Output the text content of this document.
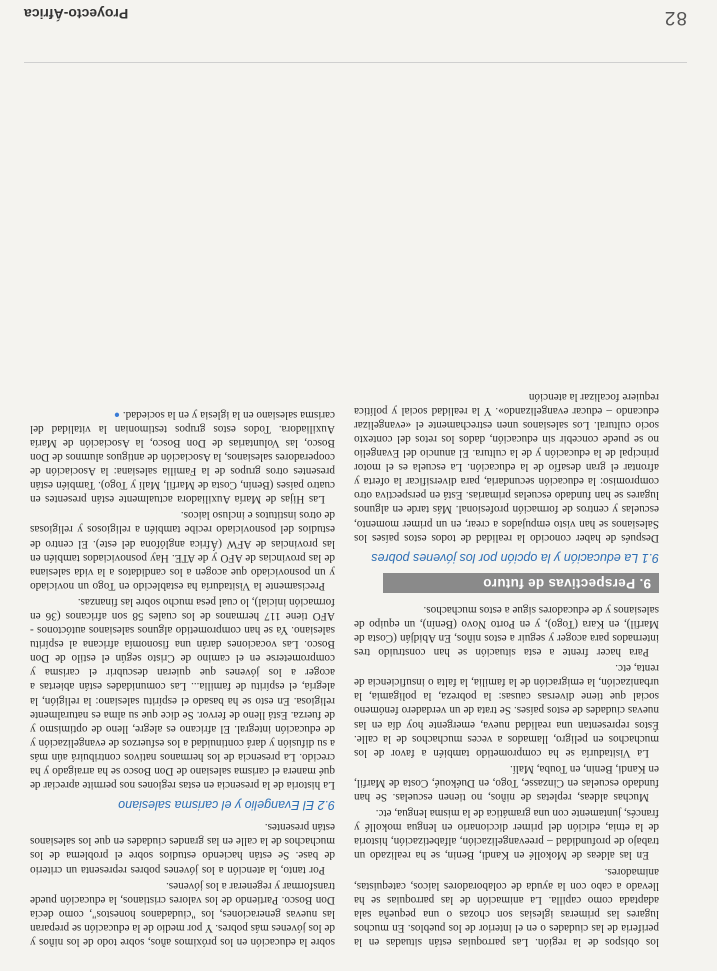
los obispos de la región. Las parroquias están situadas en la periferia de las ciudades o en el interior de los pueblos. En muchos lugares las primeras iglesias son chozas o una pequeña sala adaptada como capilla. La animación de las parroquias se ha llevado a cabo con la ayuda de colaboradores laicos, catequistas, animadores.

En las aldeas de Mokollé en Kandi, Benin, se ha realizado un trabajo de profundidad – preevangelización, alfabetización, historia de la etnia, edición del primer diccionario en lengua mokollé y francés, juntamente con una gramática de la misma lengua, etc.

Muchas aldeas, repletas de niños, no tienen escuelas. Se han fundado escuelas en Cinzasse, Togo, en Duékoué, Costa de Marfil, en Kandi, Benin, en Touba, Malí.

La Visitaduría se ha comprometido también a favor de los muchachos en peligro, llamados a veces muchachos de la calle. Éstos representan una realidad nueva, emergente hoy día en las nuevas ciudades de estos países. Se trata de un verdadero fenómeno social que tiene diversas causas: la pobreza, la poligamia, la urbanización, la emigración de la familia, la falta o insuficiencia de renta, etc.

Para hacer frente a esta situación se han construido tres internados para acoger y seguir a estos niños, En Abidján (Costa de Marfil), en Kara (Togo), y en Porto Novo (Benín), un equipo de salesianos y de educadores sigue a estos muchachos.

9. Perspectivas de futuro
9.1 La educación y la opción por los jóvenes pobres

Después de haber conocido la realidad de todos estos países los Salesianos se han visto empujados a crear, en un primer momento, escuelas y centros de formación profesional. Más tarde en algunos lugares se han fundado escuelas primarias. Está en perspectiva otro compromiso: la educación secundaria, para diversificar la oferta y afrontar el gran desafío de la educación. La escuela es el motor principal de la educación y de la cultura. El anuncio del Evangelio no se puede concebir sin educación, dados los retos del contexto socio cultural. Los salesianos unen estrechamente el «evangelizar educando – educar evangelizando». Y la realidad social y política requiere focalizar la atención

sobre la educación en los próximos años, sobre todo de los niños y de los jóvenes más pobres. Y por medio de la educación se preparan las nuevas generaciones, los "ciudadanos honestos", como decía Don Bosco. Partiendo de los valores cristianos, la educación puede transformar y regenerar a los jóvenes.

Por tanto, la atención a los jóvenes pobres representa un criterio de base. Se están haciendo estudios sobre el problema de los muchachos de la calle en las grandes ciudades en que los salesianos están presentes.

9.2 El Evangelio y el carisma salesiano

La historia de la presencia en estas regiones nos permite apreciar de qué manera el carisma salesiano de Don Bosco se ha arraigado y ha crecido. La presencia de los hermanos nativos contribuirá aún más a su difusión y dará continuidad a los esfuerzos de evangelización y de educación integral. El africano es alegre, lleno de optimismo y de fuerza. Está lleno de fervor. Se dice que su alma es naturalmente religiosa. En esto se ha basado el espíritu salesiano: la religión, la alegría, el espíritu de familia... Las comunidades están abiertas a acoger a los jóvenes que quieran descubrir el carisma y comprometerse en el camino de Cristo según el estilo de Don Bosco. Las vocaciones darán una fisonomía africana al espíritu salesiano. Ya se han comprometido algunos salesianos autóctonos - AFO tiene 117 hermanos de los cuales 58 son africanos (36 en formación inicial), lo cual pesa mucho sobre las finanzas.

Precisamente la Visitaduría ha establecido en Togo un noviciado y un posnoviciado que acogen a los candidatos a la vida salesiana de las provincias de AFO y de ATE. Hay posnoviciados también en las provincias de AFW (África anglófona del este). El centro de estudios del posnoviciado recibe también a religiosos y religiosas de otros institutos e incluso laicos.

Las Hijas de María Auxiliadora actualmente están presentes en cuatro países (Benín, Costa de Marfil, Malí y Togo). También están presentes otros grupos de la Familia salesiana: la Asociación de cooperadores salesianos, la Asociación de antiguos alumnos de Don Bosco, las Voluntarias de Don Bosco, la Asociación de María Auxiliadora. Todos estos grupos testimonian la vitalidad del carisma salesiano en la iglesia y en la sociedad. ●

82
Proyecto-África
